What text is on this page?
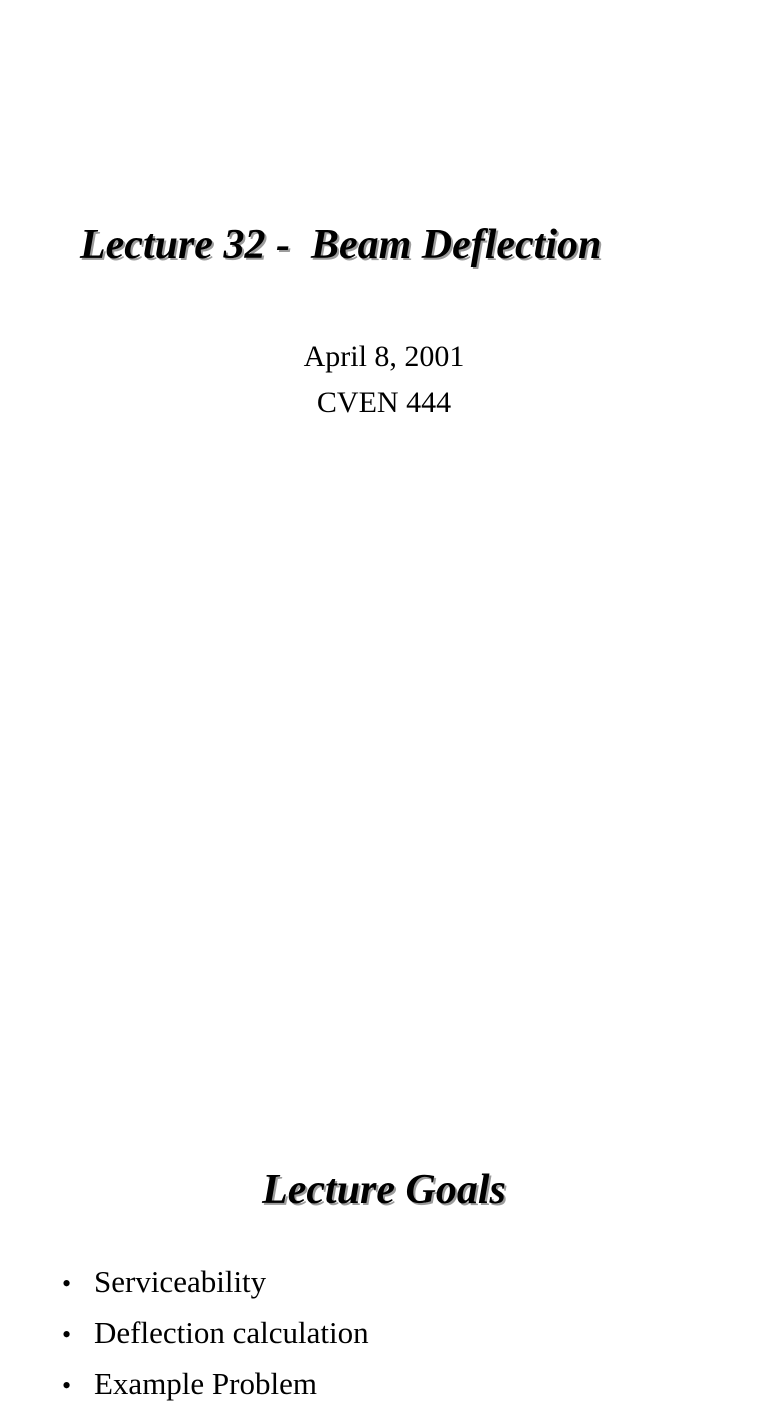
Lecture 32 -  Beam Deflection
April 8, 2001
CVEN 444
Lecture Goals
• Serviceability
• Deflection calculation
• Example Problem
